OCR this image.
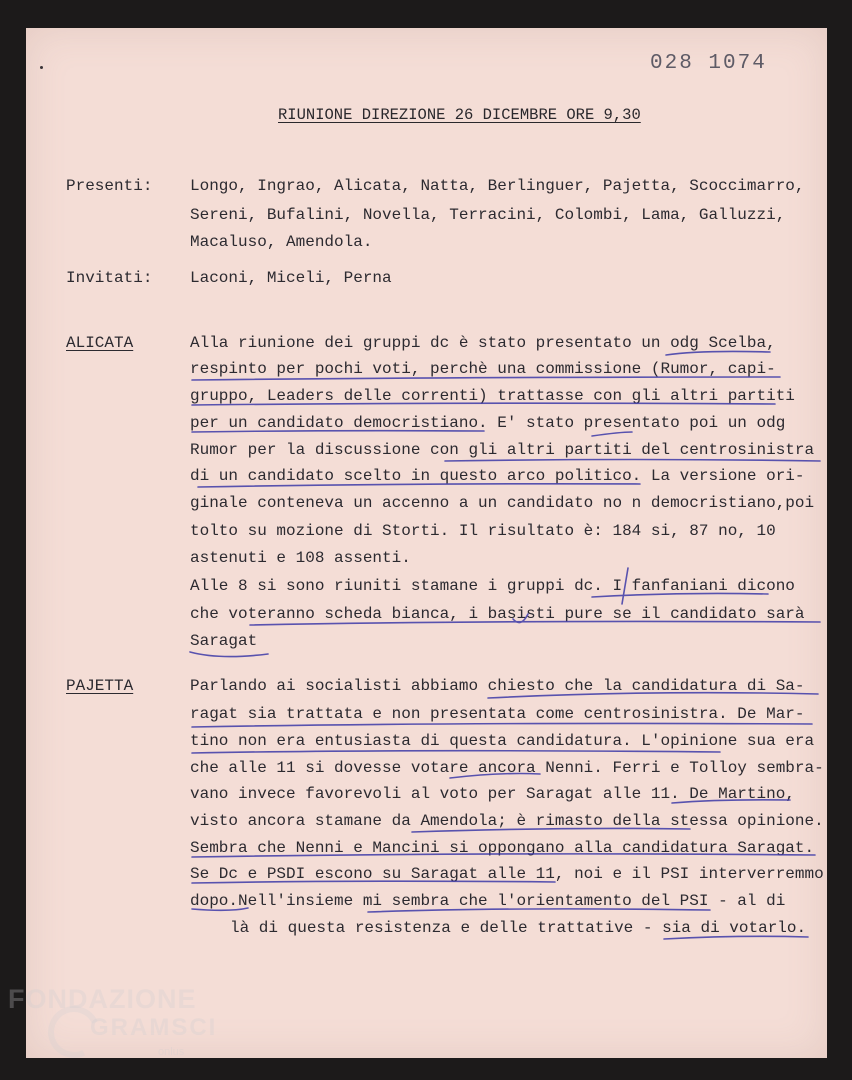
028 1074
RIUNIONE DIREZIONE 26 DICEMBRE ORE 9,30
Presenti: Longo, Ingrao, Alicata, Natta, Berlinguer, Pajetta, Scoccimarro,
Sereni, Bufalini, Novella, Terracini, Colombi, Lama, Galluzzi,
Macaluso, Amendola.
Invitati: Laconi, Miceli, Perna
ALICATA	Alla riunione dei gruppi dc è stato presentato un odg Scelba,
respinto per pochi voti, perchè una commissione (Rumor, capi-
gruppo, Leaders delle correnti) trattasse con gli altri partiti
per un candidato democristiano. E' stato presentato poi un odg
Rumor per la discussione con gli altri partiti del centrosinistra
di un candidato scelto in questo arco politico. La versione ori-
ginale conteneva un accenno a un candidato no n democristiano,poi
tolto su mozione di Storti. Il risultato è: 184 si, 87 no, 10
astenuti e 108 assenti.
Alle 8 si sono riuniti stamane i gruppi dc. I fanfaniani dicono
che voteranno scheda bianca, i basisti pure se il candidato sarà
Saragat
PAJETTA	Parlando ai socialisti abbiamo chiesto che la candidatura di Sa-
ragat sia trattata e non presentata come centrosinistra. De Mar-
tino non era entusiasta di questa candidatura. L'opinione sua era
che alle 11 si dovesse votare ancora Nenni. Ferri e Tolloy sembra-
vano invece favorevoli al voto per Saragat alle 11. De Martino,
visto ancora stamane da Amendola; è rimasto della stessa opinione.
Sembra che Nenni e Mancini si oppongano alla candidatura Saragat.
Se Dc e PSDI escono su Saragat alle 11, noi e il PSI interverremmo
dopo.Nell'insieme mi sembra che l'orientamento del PSI - al di
là di questa resistenza e delle trattative - sia di votarlo.
FONDAZIONE
GRAMSCI
onlus
